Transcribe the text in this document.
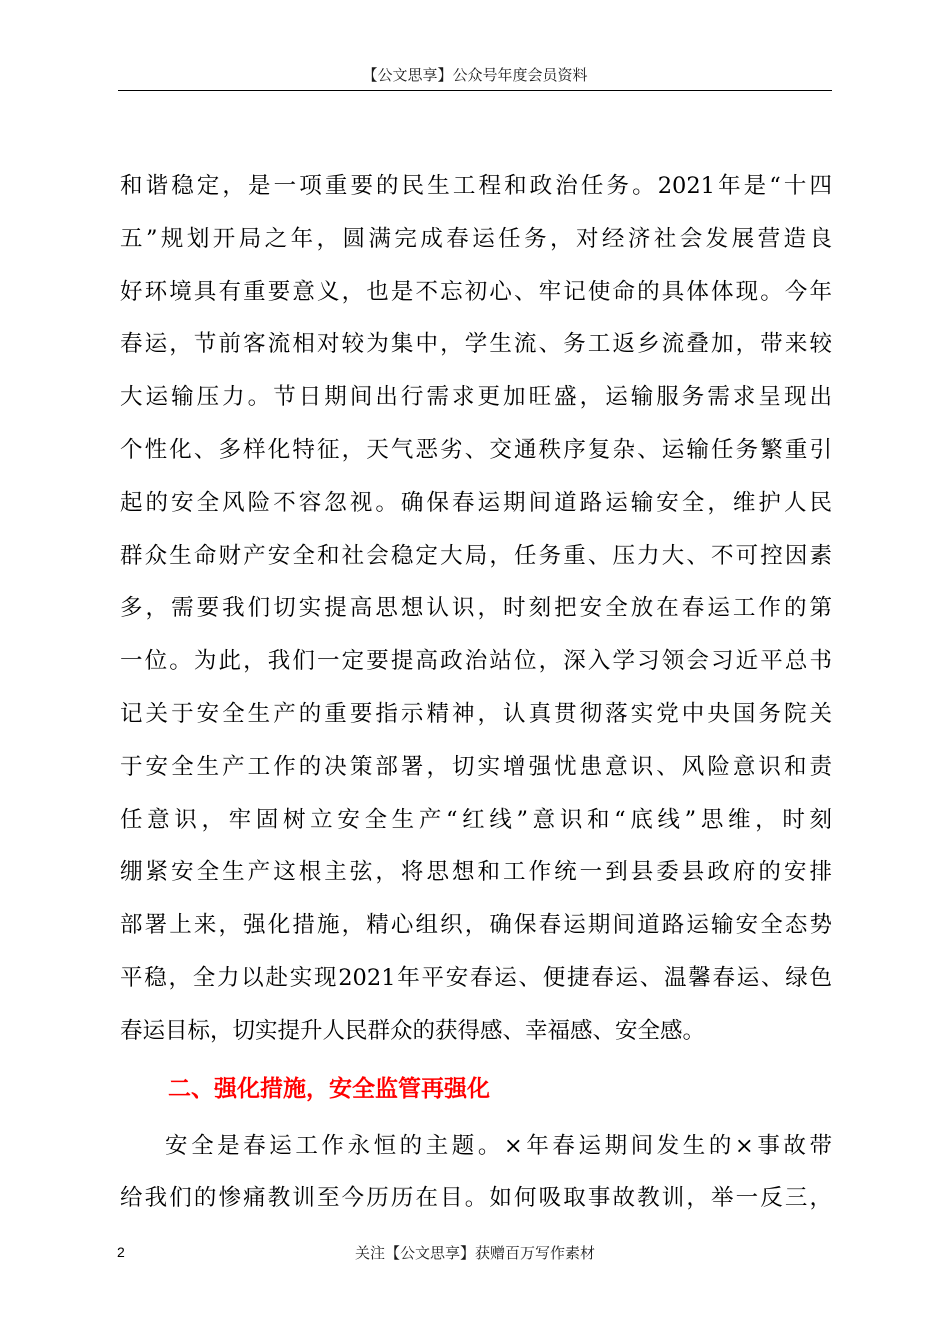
【公文思享】公众号年度会员资料
和谐稳定，是一项重要的民生工程和政治任务。2021年是“十四
五”规划开局之年，圆满完成春运任务，对经济社会发展营造良
好环境具有重要意义，也是不忘初心、牢记使命的具体体现。今年
春运，节前客流相对较为集中，学生流、务工返乡流叠加，带来较
大运输压力。节日期间出行需求更加旺盛，运输服务需求呈现出
个性化、多样化特征，天气恶劣、交通秩序复杂、运输任务繁重引
起的安全风险不容忽视。确保春运期间道路运输安全，维护人民
群众生命财产安全和社会稳定大局，任务重、压力大、不可控因素
多，需要我们切实提高思想认识，时刻把安全放在春运工作的第
一位。为此，我们一定要提高政治站位，深入学习领会习近平总书
记关于安全生产的重要指示精神，认真贯彻落实党中央国务院关
于安全生产工作的决策部署，切实增强忧患意识、风险意识和责
任意识，牢固树立安全生产“红线”意识和“底线”思维，时刻
绷紧安全生产这根主弦，将思想和工作统一到县委县政府的安排
部署上来，强化措施，精心组织，确保春运期间道路运输安全态势
平稳，全力以赴实现2021年平安春运、便捷春运、温馨春运、绿色
春运目标，切实提升人民群众的获得感、幸福感、安全感。
二、强化措施，安全监管再强化
安全是春运工作永恒的主题。×年春运期间发生的×事故带
给我们的惨痛教训至今历历在目。如何吸取事故教训，举一反三，
2	关注【公文思享】获赠百万写作素材
